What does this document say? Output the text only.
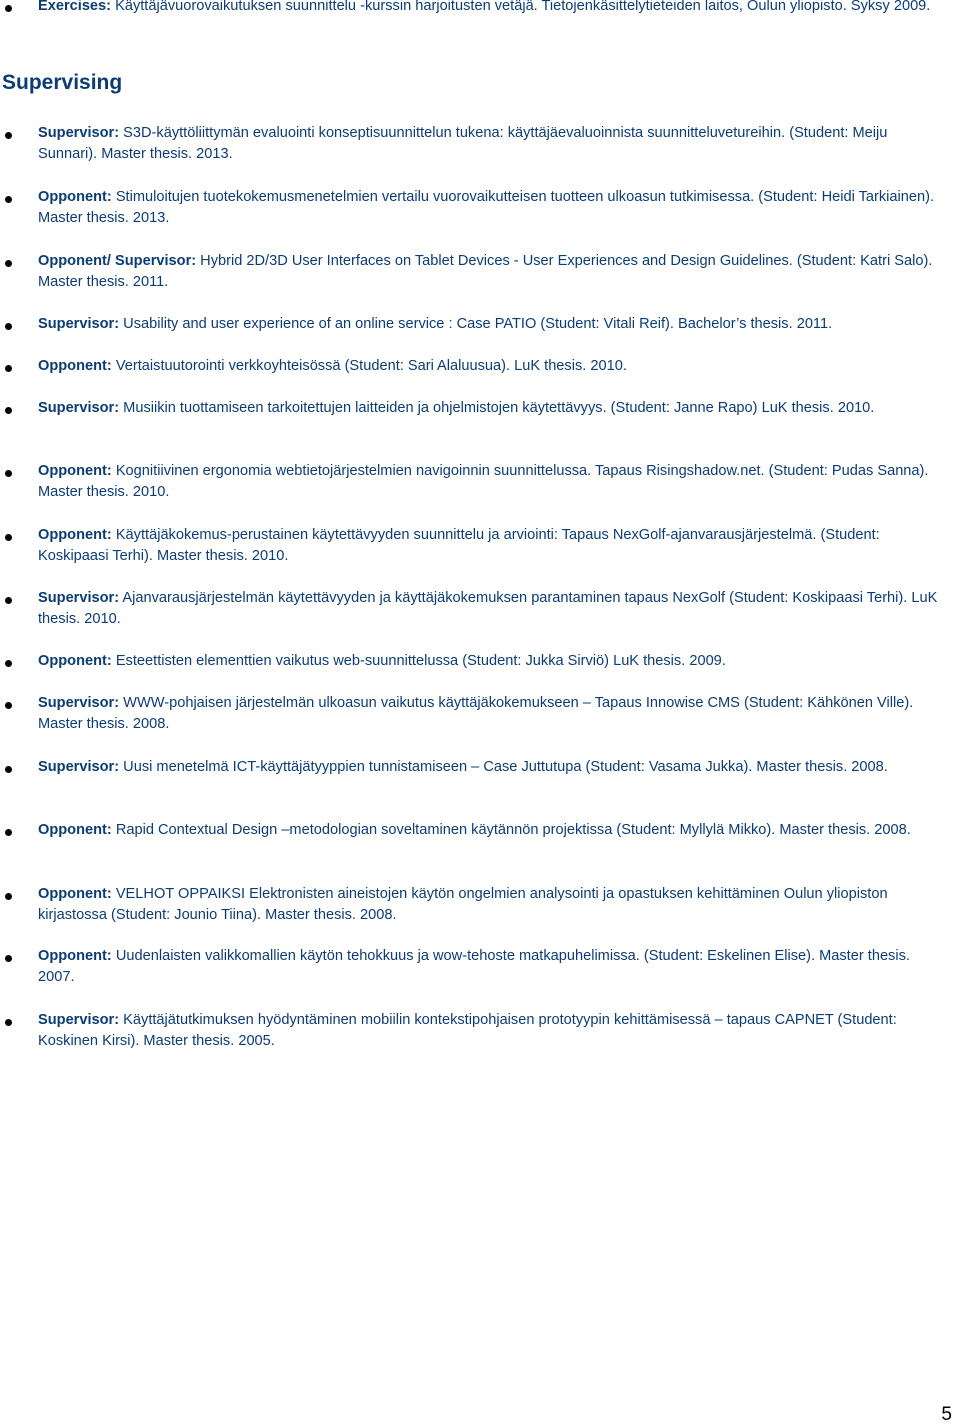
Exercises: Käyttäjävuorovaikutuksen suunnittelu -kurssin harjoitusten vetäjä. Tietojenkäsittelytieteiden laitos, Oulun yliopisto. Syksy 2009.
Supervising
Supervisor: S3D-käyttöliittymän evaluointi konseptisuunnittelun tukena: käyttäjäevaluoinnista suunnitteluvetureihin. (Student: Meiju Sunnari). Master thesis. 2013.
Opponent: Stimuloitujen tuotekokemusmenetelmien vertailu vuorovaikutteisen tuotteen ulkoasun tutkimisessa. (Student: Heidi Tarkiainen). Master thesis. 2013.
Opponent/ Supervisor: Hybrid 2D/3D User Interfaces on Tablet Devices - User Experiences and Design Guidelines. (Student: Katri Salo). Master thesis. 2011.
Supervisor: Usability and user experience of an online service : Case PATIO (Student: Vitali Reif). Bachelor’s thesis. 2011.
Opponent: Vertaistuutorointi verkkoyhteisössä (Student: Sari Alaluusua). LuK thesis. 2010.
Supervisor: Musiikin tuottamiseen tarkoitettujen laitteiden ja ohjelmistojen käytettävyys. (Student: Janne Rapo) LuK thesis. 2010.
Opponent: Kognitiivinen ergonomia webtietojärjestelmien navigoinnin suunnittelussa. Tapaus Risingshadow.net. (Student: Pudas Sanna). Master thesis. 2010.
Opponent: Käyttäjäkokemus-perustainen käytettävyyden suunnittelu ja arviointi: Tapaus NexGolf-ajanvarausjärjestelmä. (Student: Koskipaasi Terhi). Master thesis. 2010.
Supervisor: Ajanvarausjärjestelmän käytettävyyden ja käyttäjäkokemuksen parantaminen tapaus NexGolf (Student: Koskipaasi Terhi). LuK thesis. 2010.
Opponent: Esteettisten elementtien vaikutus web-suunnittelussa (Student: Jukka Sirviö) LuK thesis. 2009.
Supervisor: WWW-pohjaisen järjestelmän ulkoasun vaikutus käyttäjäkokemukseen – Tapaus Innowise CMS (Student: Kähkönen Ville). Master thesis. 2008.
Supervisor: Uusi menetelmä ICT-käyttäjätyyppien tunnistamiseen – Case Juttutupa (Student: Vasama Jukka). Master thesis. 2008.
Opponent: Rapid Contextual Design –metodologian soveltaminen käytännön projektissa (Student: Myllylä Mikko). Master thesis. 2008.
Opponent: VELHOT OPPAIKSI Elektronisten aineistojen käytön ongelmien analysointi ja opastuksen kehittäminen Oulun yliopiston kirjastossa (Student: Jounio Tiina). Master thesis. 2008.
Opponent: Uudenlaisten valikkomallien käytön tehokkuus ja wow-tehoste matkapuhelimissa. (Student: Eskelinen Elise). Master thesis. 2007.
Supervisor: Käyttäjätutkimuksen hyödyntäminen mobiilin kontekstipohjaisen prototyypin kehittämisessä – tapaus CAPNET (Student: Koskinen Kirsi). Master thesis. 2005.
5
